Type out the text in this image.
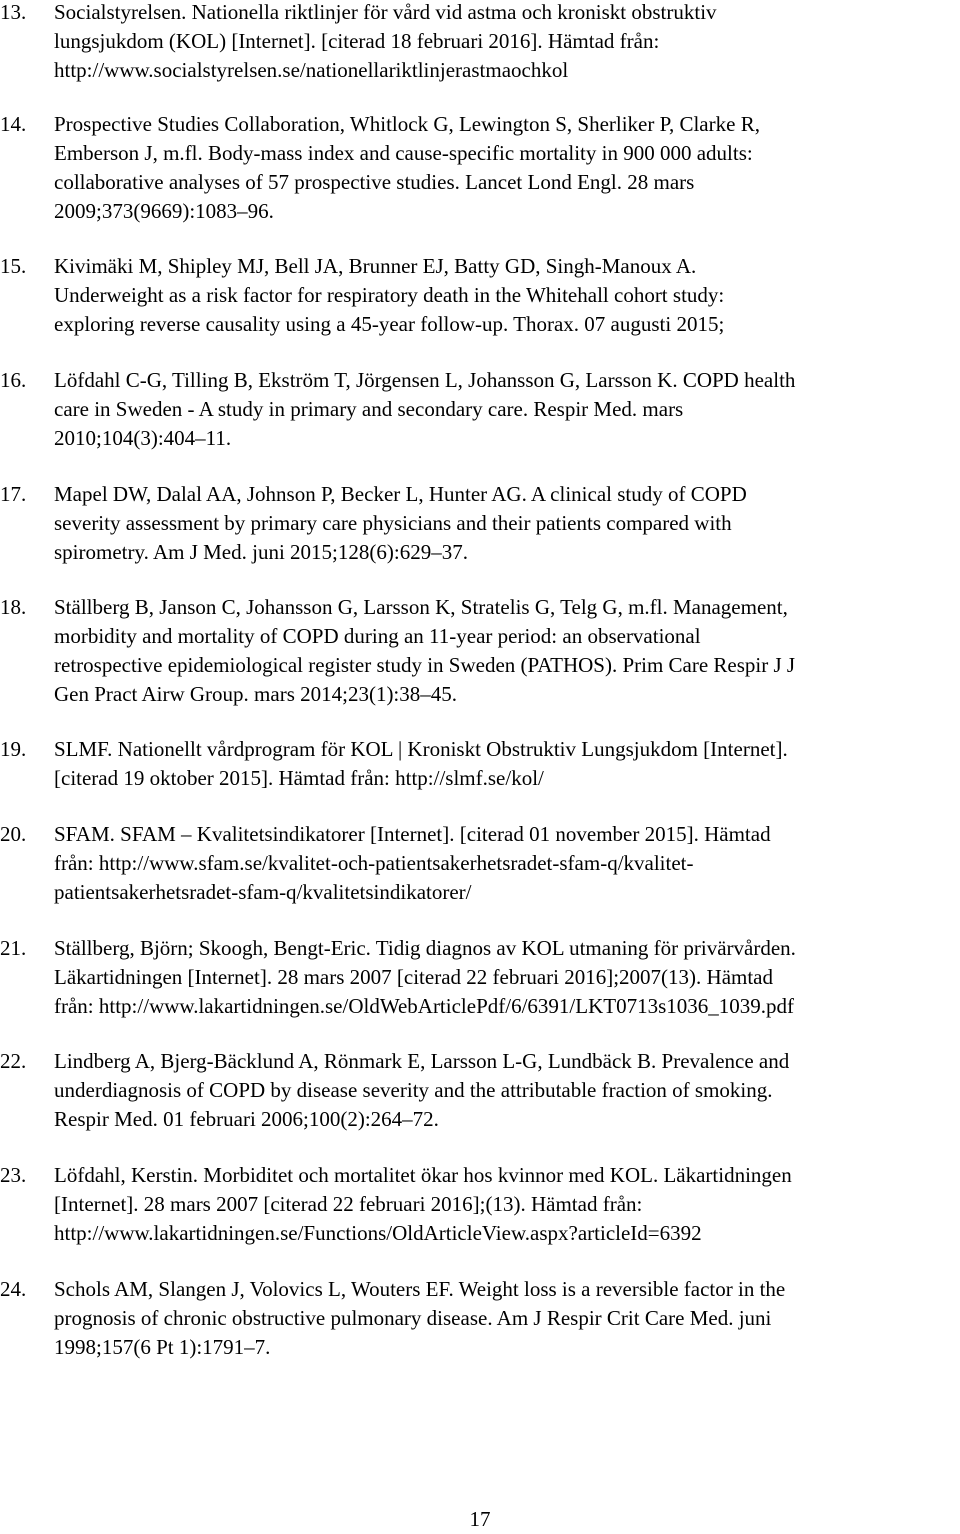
13. Socialstyrelsen. Nationella riktlinjer för vård vid astma och kroniskt obstruktiv
lungsjukdom (KOL) [Internet]. [citerad 18 februari 2016]. Hämtad från:
http://www.socialstyrelsen.se/nationellariktlinjerastmaochkol
14. Prospective Studies Collaboration, Whitlock G, Lewington S, Sherliker P, Clarke R,
Emberson J, m.fl. Body-mass index and cause-specific mortality in 900 000 adults:
collaborative analyses of 57 prospective studies. Lancet Lond Engl. 28 mars
2009;373(9669):1083–96.
15. Kivimäki M, Shipley MJ, Bell JA, Brunner EJ, Batty GD, Singh-Manoux A.
Underweight as a risk factor for respiratory death in the Whitehall cohort study:
exploring reverse causality using a 45-year follow-up. Thorax. 07 augusti 2015;
16. Löfdahl C-G, Tilling B, Ekström T, Jörgensen L, Johansson G, Larsson K. COPD health
care in Sweden - A study in primary and secondary care. Respir Med. mars
2010;104(3):404–11.
17. Mapel DW, Dalal AA, Johnson P, Becker L, Hunter AG. A clinical study of COPD
severity assessment by primary care physicians and their patients compared with
spirometry. Am J Med. juni 2015;128(6):629–37.
18. Ställberg B, Janson C, Johansson G, Larsson K, Stratelis G, Telg G, m.fl. Management,
morbidity and mortality of COPD during an 11-year period: an observational
retrospective epidemiological register study in Sweden (PATHOS). Prim Care Respir J J
Gen Pract Airw Group. mars 2014;23(1):38–45.
19. SLMF. Nationellt vårdprogram för KOL | Kroniskt Obstruktiv Lungsjukdom [Internet].
[citerad 19 oktober 2015]. Hämtad från: http://slmf.se/kol/
20. SFAM. SFAM – Kvalitetsindikatorer [Internet]. [citerad 01 november 2015]. Hämtad
från: http://www.sfam.se/kvalitet-och-patientsakerhetsradet-sfam-q/kvalitet-
patientsakerhetsradet-sfam-q/kvalitetsindikatorer/
21. Ställberg, Björn; Skoogh, Bengt-Eric. Tidig diagnos av KOL utmaning för privärvården.
Läkartidningen [Internet]. 28 mars 2007 [citerad 22 februari 2016];2007(13). Hämtad
från: http://www.lakartidningen.se/OldWebArticlePdf/6/6391/LKT0713s1036_1039.pdf
22. Lindberg A, Bjerg-Bäcklund A, Rönmark E, Larsson L-G, Lundbäck B. Prevalence and
underdiagnosis of COPD by disease severity and the attributable fraction of smoking.
Respir Med. 01 februari 2006;100(2):264–72.
23. Löfdahl, Kerstin. Morbiditet och mortalitet ökar hos kvinnor med KOL. Läkartidningen
[Internet]. 28 mars 2007 [citerad 22 februari 2016];(13). Hämtad från:
http://www.lakartidningen.se/Functions/OldArticleView.aspx?articleId=6392
24. Schols AM, Slangen J, Volovics L, Wouters EF. Weight loss is a reversible factor in the
prognosis of chronic obstructive pulmonary disease. Am J Respir Crit Care Med. juni
1998;157(6 Pt 1):1791–7.
17
